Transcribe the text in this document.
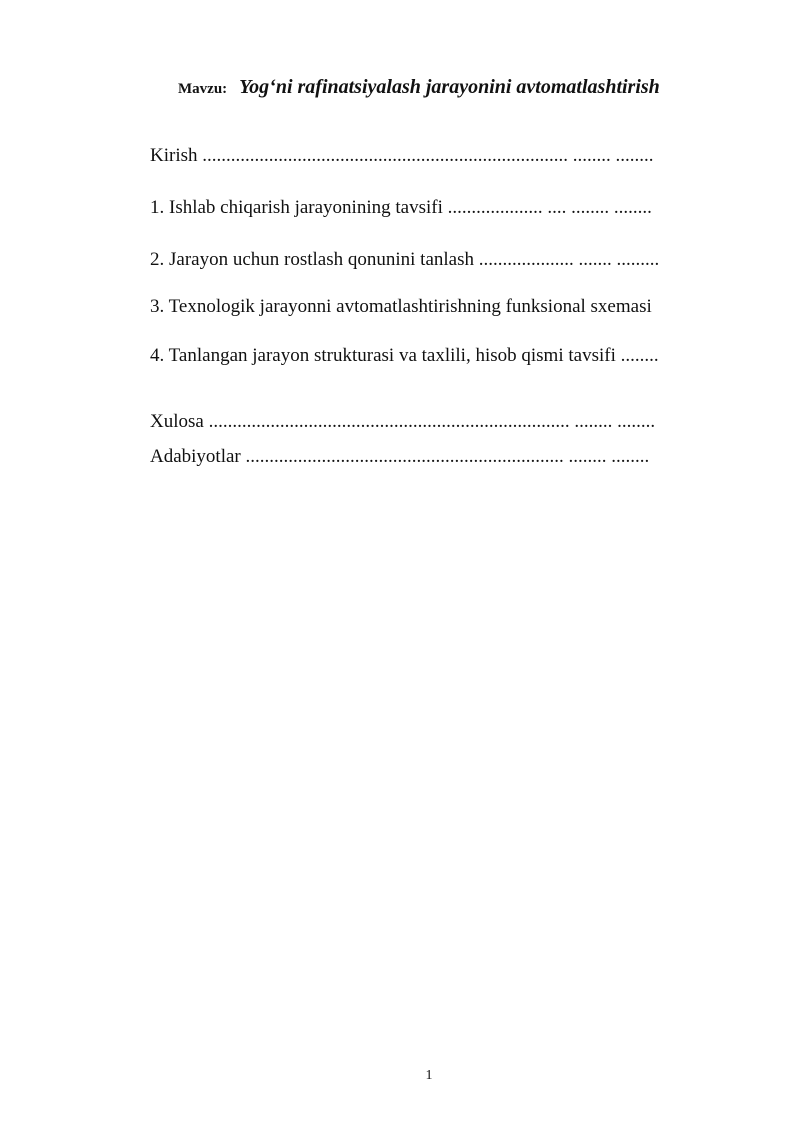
Mavzu: Yog‘ni rafinatsiyalash jarayonini avtomatlashtirish
Kirish ............................................................................. ........ ........
1. Ishlab chiqarish jarayonining tavsifi .................... .... ........ ........
2. Jarayon uchun rostlash qonunini tanlash .................... ....... .........
3. Texnologik jarayonni avtomatlashtirishning funksional sxemasi
4. Tanlangan jarayon strukturasi va taxlili, hisob qismi tavsifi ........
Xulosa ............................................................................ ........ ........
Adabiyotlar ................................................................... ........ ........
1
